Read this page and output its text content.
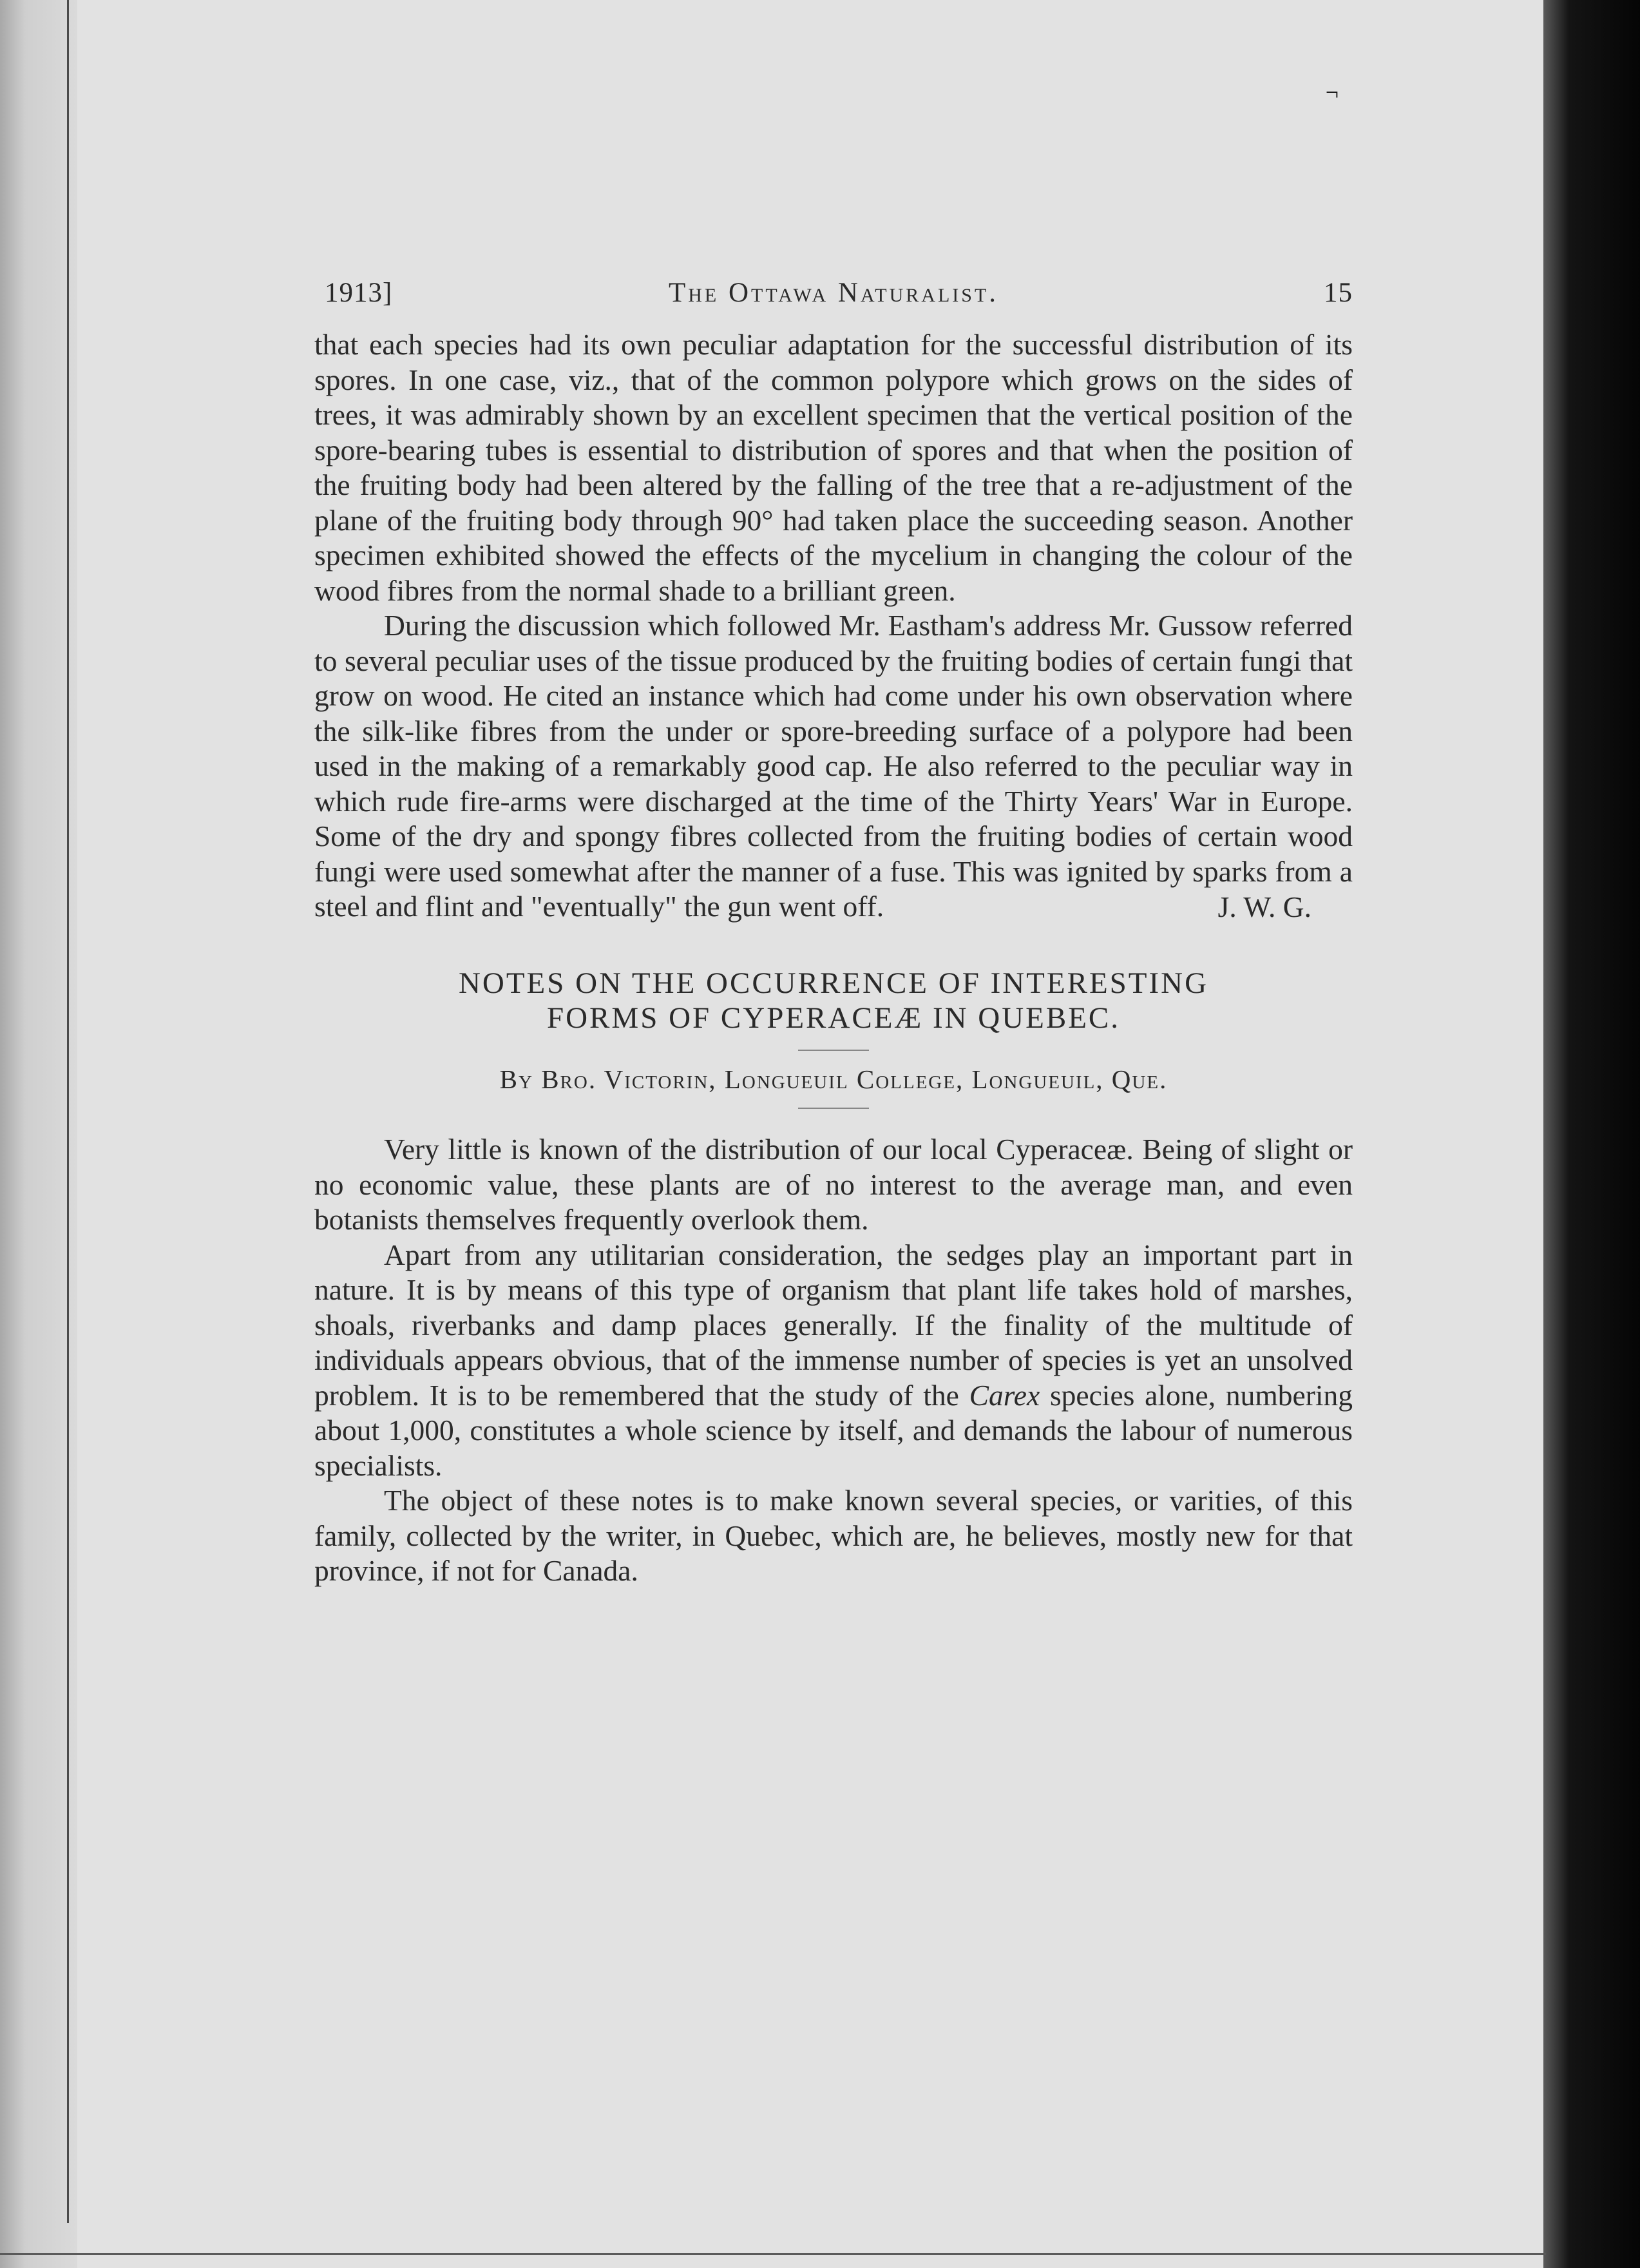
¬
1913]	The Ottawa Naturalist.	15

that each species had its own peculiar adaptation for the successful distribution of its spores. In one case, viz., that of the common polypore which grows on the sides of trees, it was admirably shown by an excellent specimen that the vertical position of the spore-bearing tubes is essential to distribution of spores and that when the position of the fruiting body had been altered by the falling of the tree that a re-adjustment of the plane of the fruiting body through 90° had taken place the succeeding season. Another specimen exhibited showed the effects of the mycelium in changing the colour of the wood fibres from the normal shade to a brilliant green.

During the discussion which followed Mr. Eastham's address Mr. Gussow referred to several peculiar uses of the tissue produced by the fruiting bodies of certain fungi that grow on wood. He cited an instance which had come under his own observation where the silk-like fibres from the under or spore-breeding surface of a polypore had been used in the making of a remarkably good cap. He also referred to the peculiar way in which rude fire-arms were discharged at the time of the Thirty Years' War in Europe. Some of the dry and spongy fibres collected from the fruiting bodies of certain wood fungi were used somewhat after the manner of a fuse. This was ignited by sparks from a steel and flint and "eventually" the gun went off.	J. W. G.
NOTES ON THE OCCURRENCE OF INTERESTING
FORMS OF CYPERACEÆ IN QUEBEC.
By Bro. Victorin, Longueuil College, Longueuil, Que.

Very little is known of the distribution of our local Cyperaceæ. Being of slight or no economic value, these plants are of no interest to the average man, and even botanists themselves frequently overlook them.

Apart from any utilitarian consideration, the sedges play an important part in nature. It is by means of this type of organism that plant life takes hold of marshes, shoals, riverbanks and damp places generally. If the finality of the multitude of individuals appears obvious, that of the immense number of species is yet an unsolved problem. It is to be remembered that the study of the Carex species alone, numbering about 1,000, constitutes a whole science by itself, and demands the labour of numerous specialists.

The object of these notes is to make known several species, or varities, of this family, collected by the writer, in Quebec, which are, he believes, mostly new for that province, if not for Canada.
